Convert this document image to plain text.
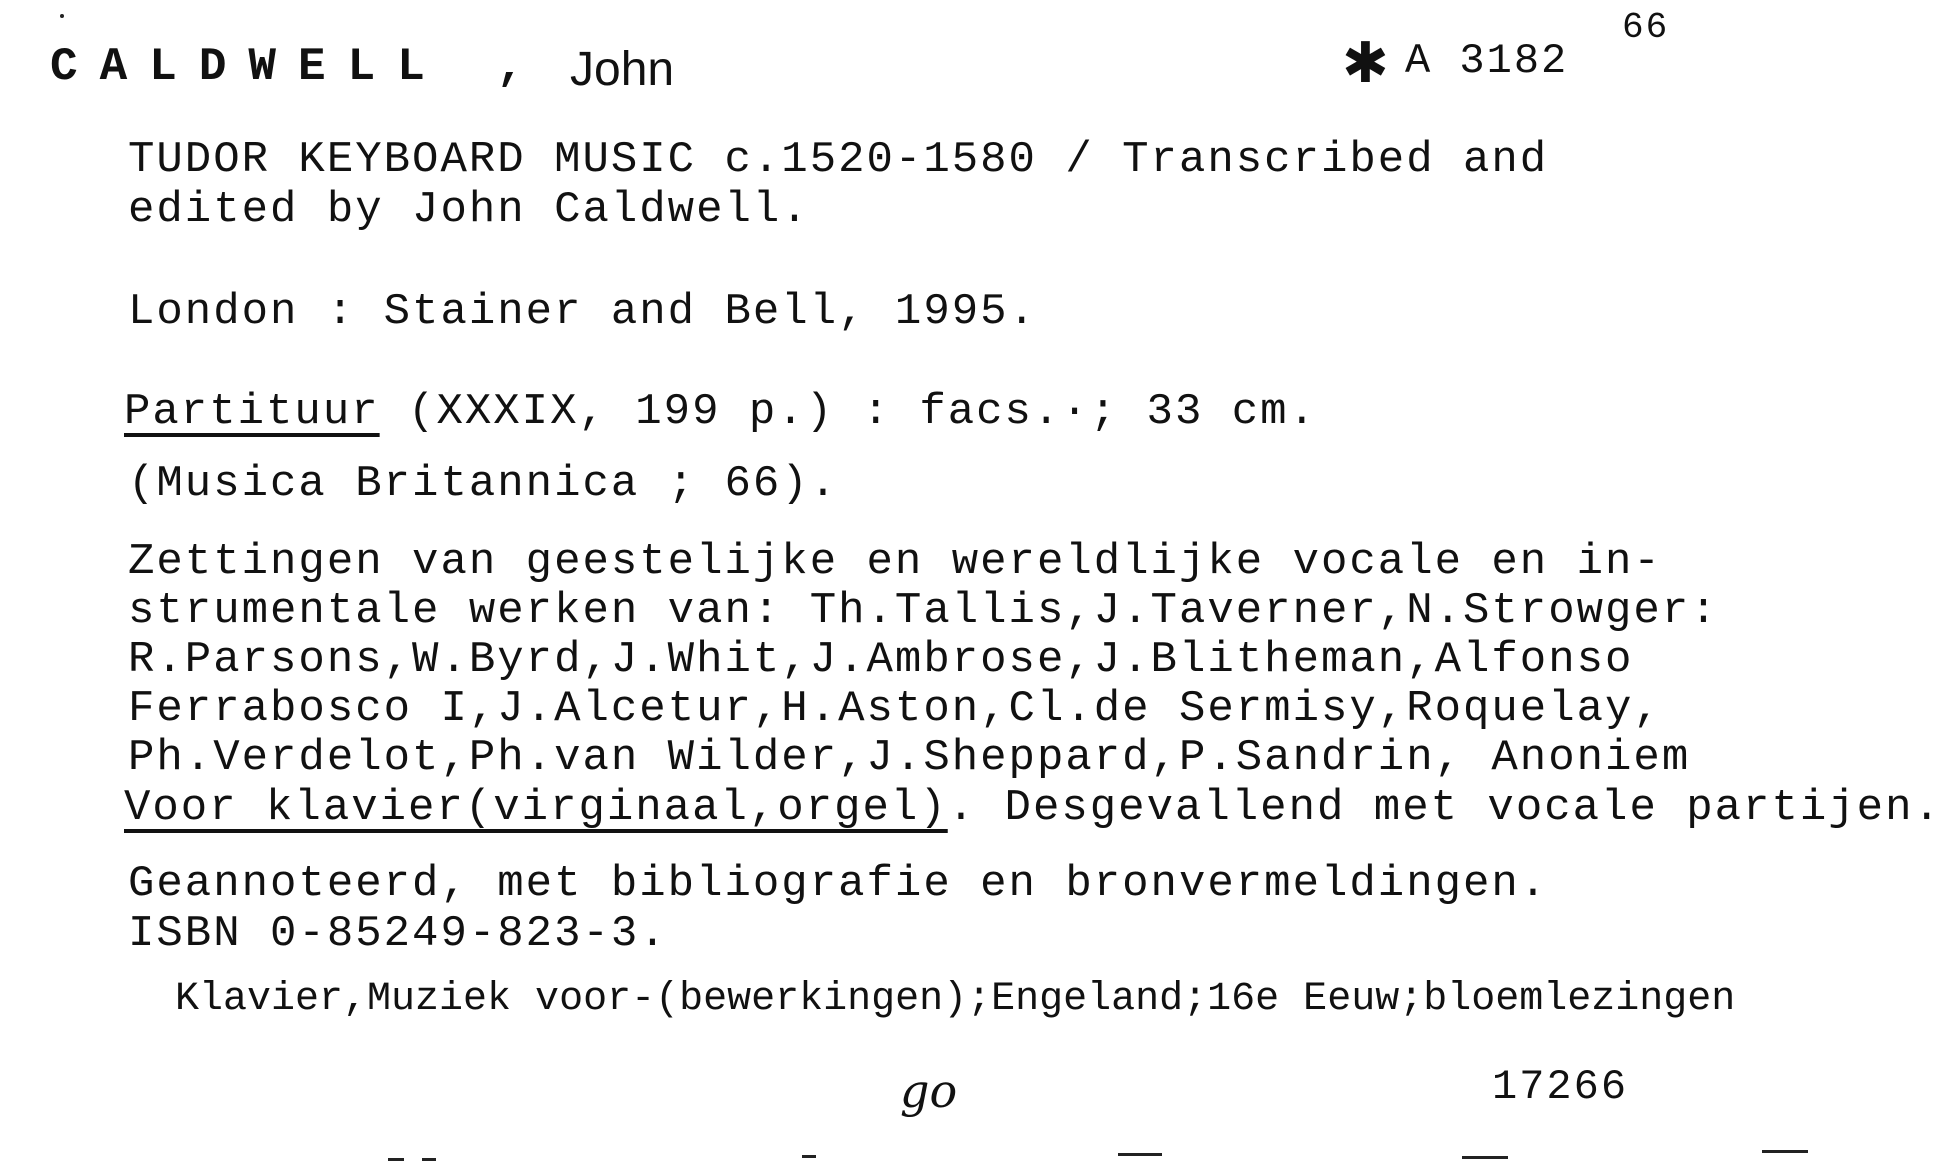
CALDWELL , John	✱ A 3182
66
TUDOR KEYBOARD MUSIC c.1520-1580 / Transcribed and
edited by John Caldwell.
London : Stainer and Bell, 1995.
Partituur (XXXIX, 199 p.) : facs.·; 33 cm.
(Musica Britannica ; 66).
Zettingen van geestelijke en wereldlijke vocale en in-
strumentale werken van: Th.Tallis,J.Taverner,N.Strowger:
R.Parsons,W.Byrd,J.Whit,J.Ambrose,J.Blitheman,Alfonso
Ferrabosco I,J.Alcetur,H.Aston,Cl.de Sermisy,Roquelay,
Ph.Verdelot,Ph.van Wilder,J.Sheppard,P.Sandrin, Anoniem
Voor klavier(virginaal,orgel). Desgevallend met vocale partijen.
Geannoteerd, met bibliografie en bronvermeldingen.
ISBN 0-85249-823-3.
Klavier,Muziek voor-(bewerkingen);Engeland;16e Eeuw;bloemlezingen
go	17266
